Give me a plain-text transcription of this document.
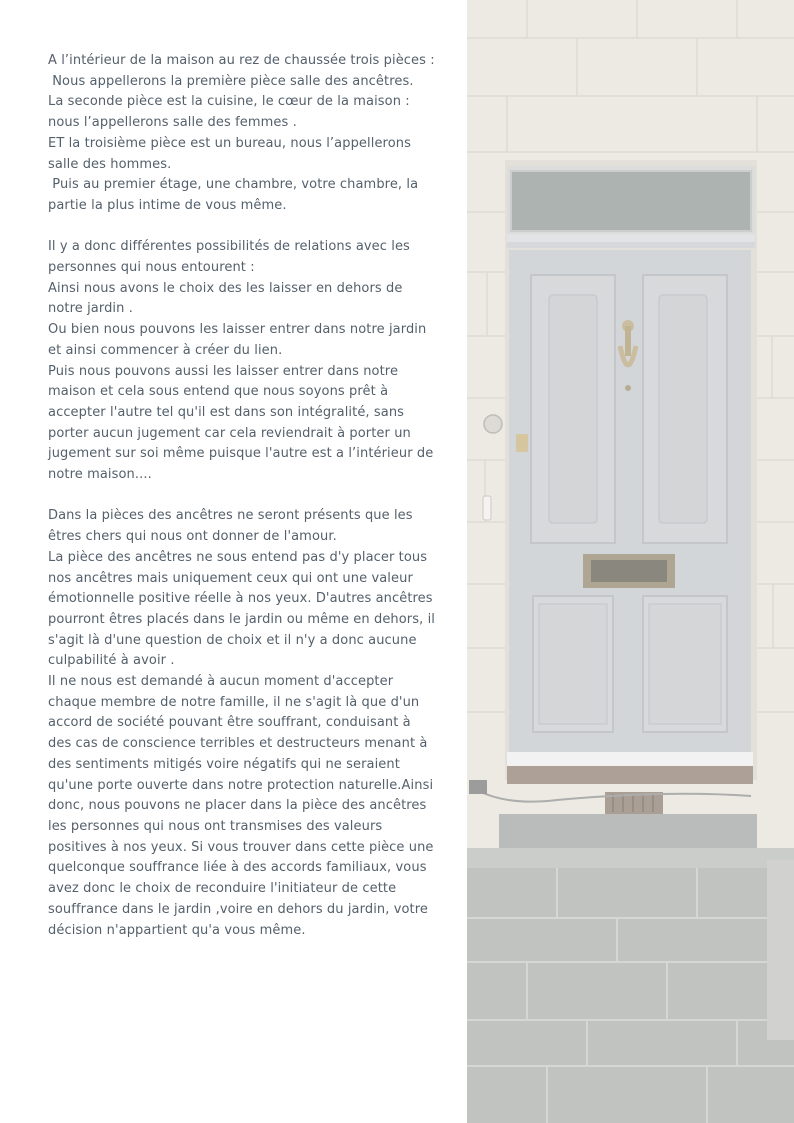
A l’intérieur de la maison au rez de chaussée trois pièces :

Nous appellerons la première pièce salle des ancêtres.

La seconde pièce est la cuisine, le cœur de la maison : nous l’appellerons salle des femmes .

ET la troisième pièce est un bureau, nous l’appellerons salle des hommes.

Puis au premier étage, une chambre, votre chambre, la partie la plus intime de vous même.

Il y a donc différentes possibilités de relations avec les personnes qui nous entourent :

Ainsi nous avons le choix des les laisser en dehors de notre jardin .

Ou bien nous pouvons les laisser entrer dans notre jardin et ainsi commencer à créer du lien.

Puis nous pouvons aussi les laisser entrer dans notre maison et cela sous entend que nous soyons prêt à accepter l'autre tel qu'il est dans son intégralité, sans porter aucun jugement car cela reviendrait à porter un jugement sur soi même puisque l'autre est a l’intérieur de notre maison....

Dans la pièces des ancêtres ne seront présents que les êtres chers qui nous ont donner de l'amour.

La pièce des ancêtres ne sous entend pas d'y placer tous nos ancêtres mais uniquement ceux qui ont une valeur émotionnelle positive réelle à nos yeux. D'autres ancêtres pourront êtres placés dans le jardin ou même en dehors, il s'agit là d'une question de choix et il n'y a donc aucune culpabilité à avoir .

Il ne nous est demandé à aucun moment d'accepter chaque membre de notre famille, il ne s'agit là que d'un accord de société pouvant être souffrant, conduisant à des cas de conscience terribles et destructeurs menant à des sentiments mitigés voire négatifs qui ne seraient qu'une porte ouverte dans notre protection naturelle.Ainsi donc, nous pouvons ne placer dans la pièce des ancêtres les personnes qui nous ont transmises des valeurs positives à nos yeux. Si vous trouver dans cette pièce une quelconque souffrance liée à des accords familiaux, vous avez donc le choix de reconduire l'initiateur de cette souffrance dans le jardin ,voire en dehors du jardin, votre décision n'appartient qu'a vous même.
